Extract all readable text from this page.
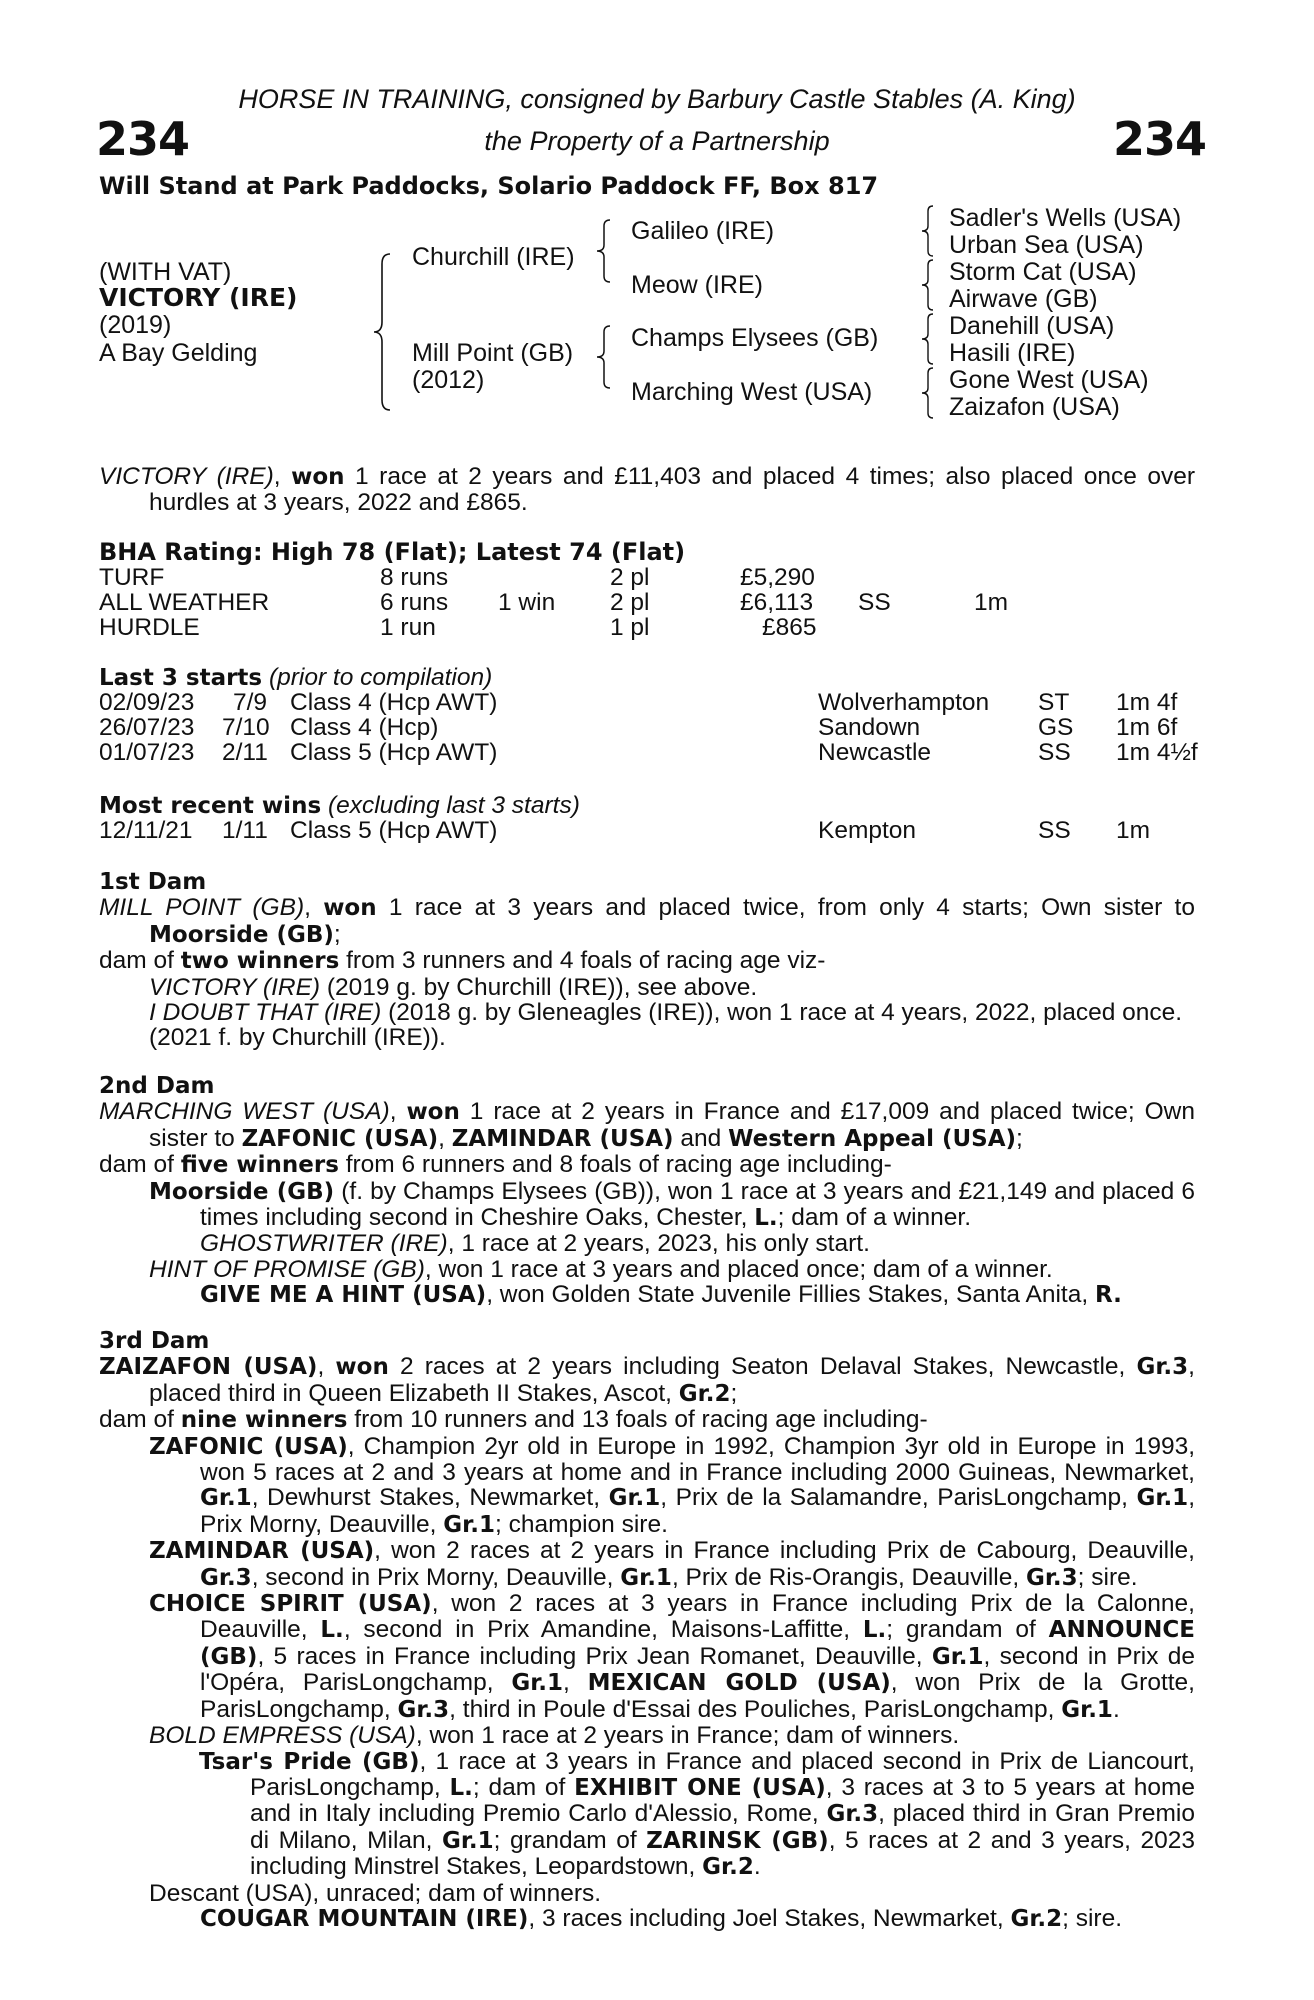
234	234
HORSE IN TRAINING, consigned by Barbury Castle Stables (A. King)
the Property of a Partnership
Will Stand at Park Paddocks, Solario Paddock FF, Box 817
(WITH VAT)
VICTORY (IRE)
(2019)
A Bay Gelding
Churchill (IRE)
Mill Point (GB)
(2012)
Galileo (IRE)
Meow (IRE)
Champs Elysees (GB)
Marching West (USA)
Sadler's Wells (USA)
Urban Sea (USA)
Storm Cat (USA)
Airwave (GB)
Danehill (USA)
Hasili (IRE)
Gone West (USA)
Zaizafon (USA)

VICTORY (IRE), won 1 race at 2 years and £11,403 and placed 4 times; also placed once over hurdles at 3 years, 2022 and £865.

BHA Rating: High 78 (Flat); Latest 74 (Flat)
TURF	8 runs	2 pl	£5,290
ALL WEATHER	6 runs 1 win 2 pl	£6,113 SS	1m
HURDLE	1 run	1 pl	£865
Last 3 starts (prior to compilation)
02/09/23 7/9 Class 4 (Hcp AWT)	Wolverhampton ST 1m 4f
26/07/23 7/10 Class 4 (Hcp)	Sandown	GS 1m 6f
01/07/23 2/11 Class 5 (Hcp AWT)	Newcastle	SS 1m 4½f
Most recent wins (excluding last 3 starts)
12/11/21 1/11 Class 5 (Hcp AWT)	Kempton	SS 1m

1st Dam

MILL POINT (GB), won 1 race at 3 years and placed twice, from only 4 starts; Own sister to Moorside (GB);

dam of two winners from 3 runners and 4 foals of racing age viz-

VICTORY (IRE) (2019 g. by Churchill (IRE)), see above.

I DOUBT THAT (IRE) (2018 g. by Gleneagles (IRE)), won 1 race at 4 years, 2022, placed once.

(2021 f. by Churchill (IRE)).

2nd Dam

MARCHING WEST (USA), won 1 race at 2 years in France and £17,009 and placed twice; Own sister to ZAFONIC (USA), ZAMINDAR (USA) and Western Appeal (USA);

dam of five winners from 6 runners and 8 foals of racing age including-

Moorside (GB) (f. by Champs Elysees (GB)), won 1 race at 3 years and £21,149 and placed 6 times including second in Cheshire Oaks, Chester, L.; dam of a winner.

GHOSTWRITER (IRE), 1 race at 2 years, 2023, his only start.

HINT OF PROMISE (GB), won 1 race at 3 years and placed once; dam of a winner.

GIVE ME A HINT (USA), won Golden State Juvenile Fillies Stakes, Santa Anita, R.

3rd Dam

ZAIZAFON (USA), won 2 races at 2 years including Seaton Delaval Stakes, Newcastle, Gr.3, placed third in Queen Elizabeth II Stakes, Ascot, Gr.2;

dam of nine winners from 10 runners and 13 foals of racing age including-

ZAFONIC (USA), Champion 2yr old in Europe in 1992, Champion 3yr old in Europe in 1993, won 5 races at 2 and 3 years at home and in France including 2000 Guineas, Newmarket, Gr.1, Dewhurst Stakes, Newmarket, Gr.1, Prix de la Salamandre, ParisLongchamp, Gr.1, Prix Morny, Deauville, Gr.1; champion sire.

ZAMINDAR (USA), won 2 races at 2 years in France including Prix de Cabourg, Deauville, Gr.3, second in Prix Morny, Deauville, Gr.1, Prix de Ris-Orangis, Deauville, Gr.3; sire.

CHOICE SPIRIT (USA), won 2 races at 3 years in France including Prix de la Calonne, Deauville, L., second in Prix Amandine, Maisons-Laffitte, L.; grandam of ANNOUNCE (GB), 5 races in France including Prix Jean Romanet, Deauville, Gr.1, second in Prix de l'Opéra, ParisLongchamp, Gr.1, MEXICAN GOLD (USA), won Prix de la Grotte, ParisLongchamp, Gr.3, third in Poule d'Essai des Pouliches, ParisLongchamp, Gr.1.

BOLD EMPRESS (USA), won 1 race at 2 years in France; dam of winners.

Tsar's Pride (GB), 1 race at 3 years in France and placed second in Prix de Liancourt, ParisLongchamp, L.; dam of EXHIBIT ONE (USA), 3 races at 3 to 5 years at home and in Italy including Premio Carlo d'Alessio, Rome, Gr.3, placed third in Gran Premio di Milano, Milan, Gr.1; grandam of ZARINSK (GB), 5 races at 2 and 3 years, 2023 including Minstrel Stakes, Leopardstown, Gr.2.

Descant (USA), unraced; dam of winners.

COUGAR MOUNTAIN (IRE), 3 races including Joel Stakes, Newmarket, Gr.2; sire.
